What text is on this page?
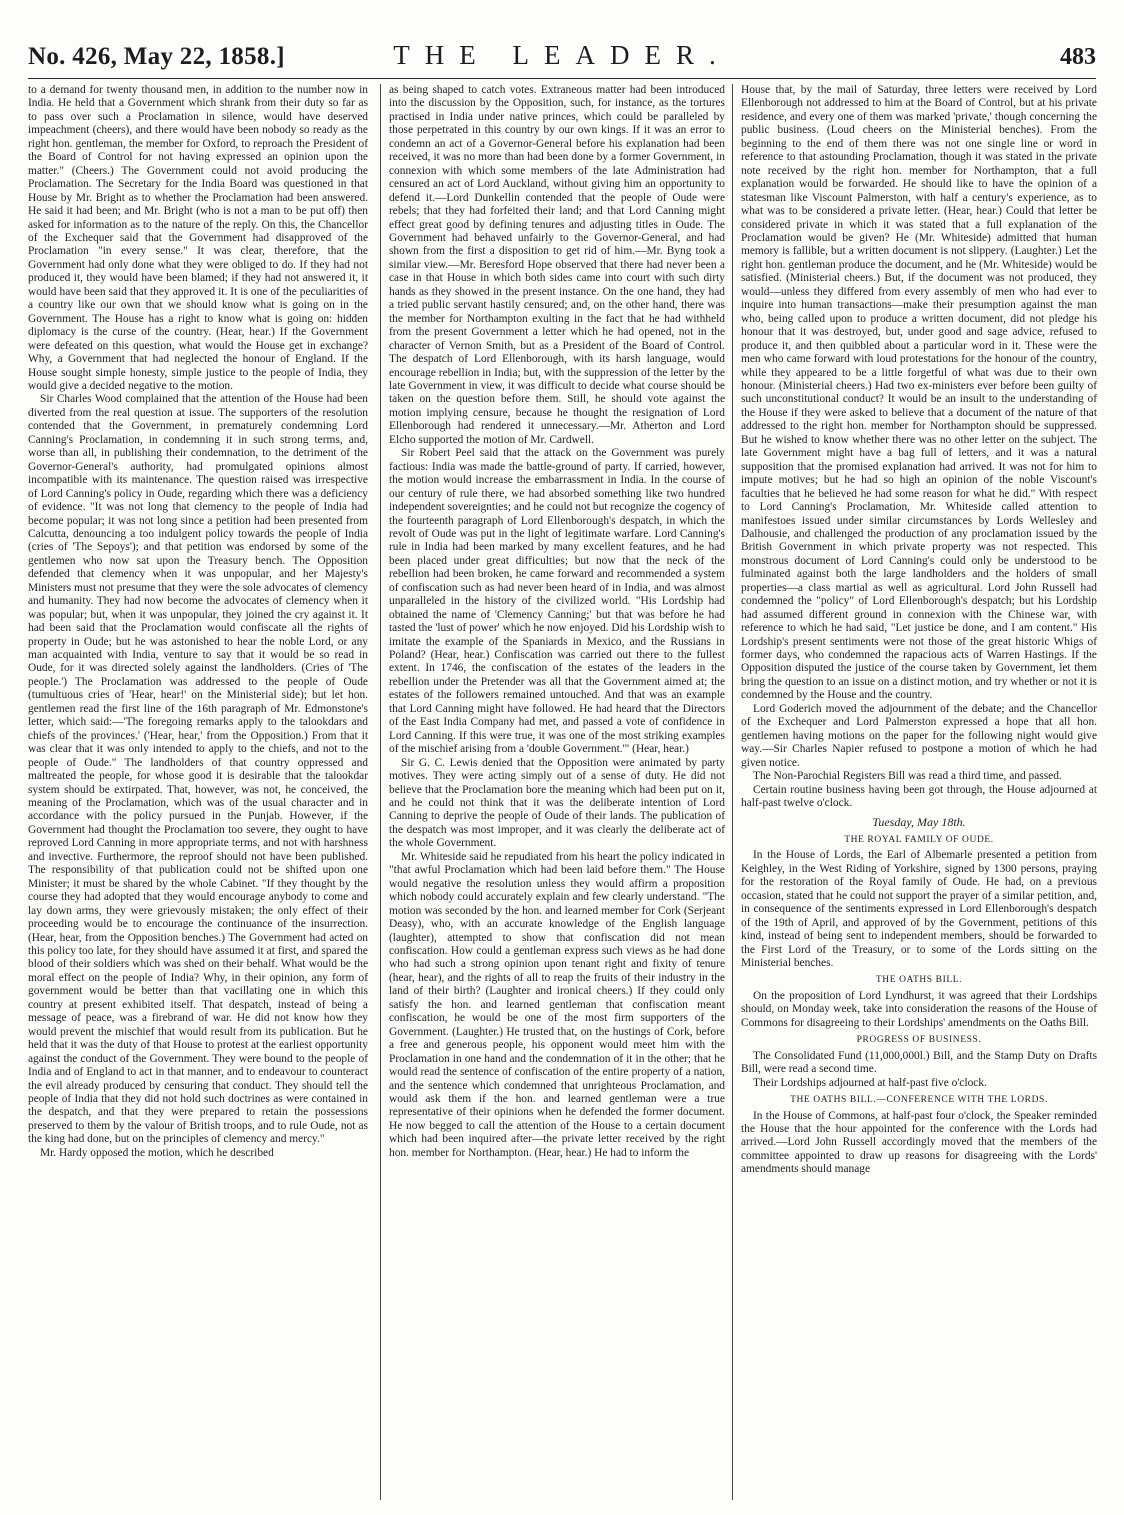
No. 426, May 22, 1858.]	THE LEADER.	483

to a demand for twenty thousand men, in addition to the number now in India. He held that a Government which shrank from their duty so far as to pass over such a Proclamation in silence, would have deserved impeachment (cheers), and there would have been nobody so ready as the right hon. gentleman, the member for Oxford, to reproach the President of the Board of Control for not having expressed an opinion upon the matter." (Cheers.) The Government could not avoid producing the Proclamation. The Secretary for the India Board was questioned in that House by Mr. Bright as to whether the Proclamation had been answered. He said it had been; and Mr. Bright (who is not a man to be put off) then asked for information as to the nature of the reply. On this, the Chancellor of the Exchequer said that the Government had disapproved of the Proclamation "in every sense." It was clear, therefore, that the Government had only done what they were obliged to do. If they had not produced it, they would have been blamed; if they had not answered it, it would have been said that they approved it. It is one of the peculiarities of a country like our own that we should know what is going on in the Government. The House has a right to know what is going on: hidden diplomacy is the curse of the country. (Hear, hear.) If the Government were defeated on this question, what would the House get in exchange? Why, a Government that had neglected the honour of England. If the House sought simple honesty, simple justice to the people of India, they would give a decided negative to the motion.

Sir Charles Wood complained that the attention of the House had been diverted from the real question at issue. The supporters of the resolution contended that the Government, in prematurely condemning Lord Canning's Proclamation, in condemning it in such strong terms, and, worse than all, in publishing their condemnation, to the detriment of the Governor-General's authority, had promulgated opinions almost incompatible with its maintenance. The question raised was irrespective of Lord Canning's policy in Oude, regarding which there was a deficiency of evidence. "It was not long that clemency to the people of India had become popular; it was not long since a petition had been presented from Calcutta, denouncing a too indulgent policy towards the people of India (cries of 'The Sepoys'); and that petition was endorsed by some of the gentlemen who now sat upon the Treasury bench. The Opposition defended that clemency when it was unpopular, and her Majesty's Ministers must not presume that they were the sole advocates of clemency and humanity. They had now become the advocates of clemency when it was popular; but, when it was unpopular, they joined the cry against it. It had been said that the Proclamation would confiscate all the rights of property in Oude; but he was astonished to hear the noble Lord, or any man acquainted with India, venture to say that it would be so read in Oude, for it was directed solely against the landholders. (Cries of 'The people.') The Proclamation was addressed to the people of Oude (tumultuous cries of 'Hear, hear!' on the Ministerial side); but let hon. gentlemen read the first line of the 16th paragraph of Mr. Edmonstone's letter, which said:—'The foregoing remarks apply to the talookdars and chiefs of the provinces.' ('Hear, hear,' from the Opposition.) From that it was clear that it was only intended to apply to the chiefs, and not to the people of Oude." The landholders of that country oppressed and maltreated the people, for whose good it is desirable that the talookdar system should be extirpated. That, however, was not, he conceived, the meaning of the Proclamation, which was of the usual character and in accordance with the policy pursued in the Punjab. However, if the Government had thought the Proclamation too severe, they ought to have reproved Lord Canning in more appropriate terms, and not with harshness and invective. Furthermore, the reproof should not have been published. The responsibility of that publication could not be shifted upon one Minister; it must be shared by the whole Cabinet. "If they thought by the course they had adopted that they would encourage anybody to come and lay down arms, they were grievously mistaken; the only effect of their proceeding would be to encourage the continuance of the insurrection. (Hear, hear, from the Opposition benches.) The Government had acted on this policy too late, for they should have assumed it at first, and spared the blood of their soldiers which was shed on their behalf. What would be the moral effect on the people of India? Why, in their opinion, any form of government would be better than that vacillating one in which this country at present exhibited itself. That despatch, instead of being a message of peace, was a firebrand of war. He did not know how they would prevent the mischief that would result from its publication. But he held that it was the duty of that House to protest at the earliest opportunity against the conduct of the Government. They were bound to the people of India and of England to act in that manner, and to endeavour to counteract the evil already produced by censuring that conduct. They should tell the people of India that they did not hold such doctrines as were contained in the despatch, and that they were prepared to retain the possessions preserved to them by the valour of British troops, and to rule Oude, not as the king had done, but on the principles of clemency and mercy."

Mr. Hardy opposed the motion, which he described

as being shaped to catch votes. Extraneous matter had been introduced into the discussion by the Opposition, such, for instance, as the tortures practised in India under native princes, which could be paralleled by those perpetrated in this country by our own kings. If it was an error to condemn an act of a Governor-General before his explanation had been received, it was no more than had been done by a former Government, in connexion with which some members of the late Administration had censured an act of Lord Auckland, without giving him an opportunity to defend it.—Lord Dunkellin contended that the people of Oude were rebels; that they had forfeited their land; and that Lord Canning might effect great good by defining tenures and adjusting titles in Oude. The Government had behaved unfairly to the Governor-General, and had shown from the first a disposition to get rid of him.—Mr. Byng took a similar view.—Mr. Beresford Hope observed that there had never been a case in that House in which both sides came into court with such dirty hands as they showed in the present instance. On the one hand, they had a tried public servant hastily censured; and, on the other hand, there was the member for Northampton exulting in the fact that he had withheld from the present Government a letter which he had opened, not in the character of Vernon Smith, but as a President of the Board of Control. The despatch of Lord Ellenborough, with its harsh language, would encourage rebellion in India; but, with the suppression of the letter by the late Government in view, it was difficult to decide what course should be taken on the question before them. Still, he should vote against the motion implying censure, because he thought the resignation of Lord Ellenborough had rendered it unnecessary.—Mr. Atherton and Lord Elcho supported the motion of Mr. Cardwell.

Sir Robert Peel said that the attack on the Government was purely factious: India was made the battle-ground of party. If carried, however, the motion would increase the embarrassment in India. In the course of our century of rule there, we had absorbed something like two hundred independent sovereignties; and he could not but recognize the cogency of the fourteenth paragraph of Lord Ellenborough's despatch, in which the revolt of Oude was put in the light of legitimate warfare. Lord Canning's rule in India had been marked by many excellent features, and he had been placed under great difficulties; but now that the neck of the rebellion had been broken, he came forward and recommended a system of confiscation such as had never been heard of in India, and was almost unparalleled in the history of the civilized world. "His Lordship had obtained the name of 'Clemency Canning;' but that was before he had tasted the 'lust of power' which he now enjoyed. Did his Lordship wish to imitate the example of the Spaniards in Mexico, and the Russians in Poland? (Hear, hear.) Confiscation was carried out there to the fullest extent. In 1746, the confiscation of the estates of the leaders in the rebellion under the Pretender was all that the Government aimed at; the estates of the followers remained untouched. And that was an example that Lord Canning might have followed. He had heard that the Directors of the East India Company had met, and passed a vote of confidence in Lord Canning. If this were true, it was one of the most striking examples of the mischief arising from a 'double Government.'" (Hear, hear.)

Sir G. C. Lewis denied that the Opposition were animated by party motives. They were acting simply out of a sense of duty. He did not believe that the Proclamation bore the meaning which had been put on it, and he could not think that it was the deliberate intention of Lord Canning to deprive the people of Oude of their lands. The publication of the despatch was most improper, and it was clearly the deliberate act of the whole Government.

Mr. Whiteside said he repudiated from his heart the policy indicated in "that awful Proclamation which had been laid before them." The House would negative the resolution unless they would affirm a proposition which nobody could accurately explain and few clearly understand. "The motion was seconded by the hon. and learned member for Cork (Serjeant Deasy), who, with an accurate knowledge of the English language (laughter), attempted to show that confiscation did not mean confiscation. How could a gentleman express such views as he had done who had such a strong opinion upon tenant right and fixity of tenure (hear, hear), and the rights of all to reap the fruits of their industry in the land of their birth? (Laughter and ironical cheers.) If they could only satisfy the hon. and learned gentleman that confiscation meant confiscation, he would be one of the most firm supporters of the Government. (Laughter.) He trusted that, on the hustings of Cork, before a free and generous people, his opponent would meet him with the Proclamation in one hand and the condemnation of it in the other; that he would read the sentence of confiscation of the entire property of a nation, and the sentence which condemned that unrighteous Proclamation, and would ask them if the hon. and learned gentleman were a true representative of their opinions when he defended the former document. He now begged to call the attention of the House to a certain document which had been inquired after—the private letter received by the right hon. member for Northampton. (Hear, hear.) He had to inform the

House that, by the mail of Saturday, three letters were received by Lord Ellenborough not addressed to him at the Board of Control, but at his private residence, and every one of them was marked 'private,' though concerning the public business. (Loud cheers on the Ministerial benches). From the beginning to the end of them there was not one single line or word in reference to that astounding Proclamation, though it was stated in the private note received by the right hon. member for Northampton, that a full explanation would be forwarded. He should like to have the opinion of a statesman like Viscount Palmerston, with half a century's experience, as to what was to be considered a private letter. (Hear, hear.) Could that letter be considered private in which it was stated that a full explanation of the Proclamation would be given? He (Mr. Whiteside) admitted that human memory is fallible, but a written document is not slippery. (Laughter.) Let the right hon. gentleman produce the document, and he (Mr. Whiteside) would be satisfied. (Ministerial cheers.) But, if the document was not produced, they would—unless they differed from every assembly of men who had ever to inquire into human transactions—make their presumption against the man who, being called upon to produce a written document, did not pledge his honour that it was destroyed, but, under good and sage advice, refused to produce it, and then quibbled about a particular word in it. These were the men who came forward with loud protestations for the honour of the country, while they appeared to be a little forgetful of what was due to their own honour. (Ministerial cheers.) Had two ex-ministers ever before been guilty of such unconstitutional conduct? It would be an insult to the understanding of the House if they were asked to believe that a document of the nature of that addressed to the right hon. member for Northampton should be suppressed. But he wished to know whether there was no other letter on the subject. The late Government might have a bag full of letters, and it was a natural supposition that the promised explanation had arrived. It was not for him to impute motives; but he had so high an opinion of the noble Viscount's faculties that he believed he had some reason for what he did." With respect to Lord Canning's Proclamation, Mr. Whiteside called attention to manifestoes issued under similar circumstances by Lords Wellesley and Dalhousie, and challenged the production of any proclamation issued by the British Government in which private property was not respected. This monstrous document of Lord Canning's could only be understood to be fulminated against both the large landholders and the holders of small properties—a class martial as well as agricultural. Lord John Russell had condemned the "policy" of Lord Ellenborough's despatch; but his Lordship had assumed different ground in connexion with the Chinese war, with reference to which he had said, "Let justice be done, and I am content." His Lordship's present sentiments were not those of the great historic Whigs of former days, who condemned the rapacious acts of Warren Hastings. If the Opposition disputed the justice of the course taken by Government, let them bring the question to an issue on a distinct motion, and try whether or not it is condemned by the House and the country.

Lord Goderich moved the adjournment of the debate; and the Chancellor of the Exchequer and Lord Palmerston expressed a hope that all hon. gentlemen having motions on the paper for the following night would give way.—Sir Charles Napier refused to postpone a motion of which he had given notice.

The Non-Parochial Registers Bill was read a third time, and passed.

Certain routine business having been got through, the House adjourned at half-past twelve o'clock.

Tuesday, May 18th.
THE ROYAL FAMILY OF OUDE.

In the House of Lords, the Earl of Albemarle presented a petition from Keighley, in the West Riding of Yorkshire, signed by 1300 persons, praying for the restoration of the Royal family of Oude. He had, on a previous occasion, stated that he could not support the prayer of a similar petition, and, in consequence of the sentiments expressed in Lord Ellenborough's despatch of the 19th of April, and approved of by the Government, petitions of this kind, instead of being sent to independent members, should be forwarded to the First Lord of the Treasury, or to some of the Lords sitting on the Ministerial benches.

THE OATHS BILL.

On the proposition of Lord Lyndhurst, it was agreed that their Lordships should, on Monday week, take into consideration the reasons of the House of Commons for disagreeing to their Lordships' amendments on the Oaths Bill.

PROGRESS OF BUSINESS.

The Consolidated Fund (11,000,000l.) Bill, and the Stamp Duty on Drafts Bill, were read a second time.

Their Lordships adjourned at half-past five o'clock.

THE OATHS BILL.—CONFERENCE WITH THE LORDS.

In the House of Commons, at half-past four o'clock, the Speaker reminded the House that the hour appointed for the conference with the Lords had arrived.—Lord John Russell accordingly moved that the members of the committee appointed to draw up reasons for disagreeing with the Lords' amendments should manage
